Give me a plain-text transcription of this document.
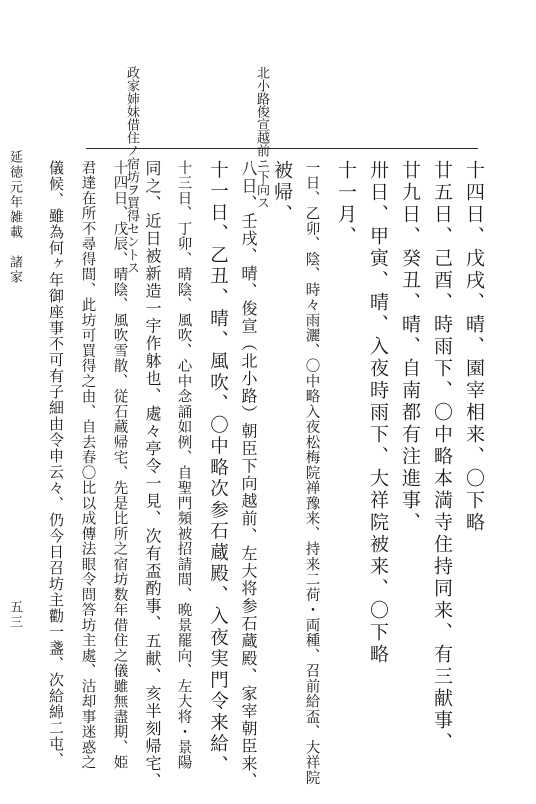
北小路俊宣越前ニ下向ス
政家姉妹借住ノ宿坊ヲ買得セントス	十四日、戊戌、晴、園宰相来、〇下略
廿五日、己酉、時雨下、〇中略本満寺住持同来、有三献事、
廿九日、癸丑、晴、自南都有注進事、
卅日、甲寅、晴、入夜時雨下、大祥院被来、〇下略
十一月、
一日、乙卯、陰、時々雨灑、〇中略入夜松梅院禅豫来、持来二荷・両種、召前給盃、大祥院
被帰、
八日、壬戌、晴、俊宣（北小路）朝臣下向越前、左大将参石蔵殿、家宰朝臣来、
十一日、乙丑、晴、風吹、〇中略次参石蔵殿、入夜実門令来給、
十三日、丁卯、晴陰、風吹、心中念誦如例、自聖門頻被招請間、晩景罷向、左大将・景陽
同之、近日被新造一宇作躰也、處々亭令一見、次有盃酌事、五献、亥半刻帰宅、
十四日、戊辰、晴陰、風吹雪散、従石蔵帰宅、先是比所之宿坊数年借住之儀雖無盡期、姫
君達在所不尋得間、此坊可買得之由、自去春〇比以成傳法眼令問答坊主處、沽却事迷惑之
儀候、雖為何ヶ年御座事不可有子細由令申云々、仍今日召坊主勸一盞、次給綿二屯、
延徳元年雑載　諸家
五三
